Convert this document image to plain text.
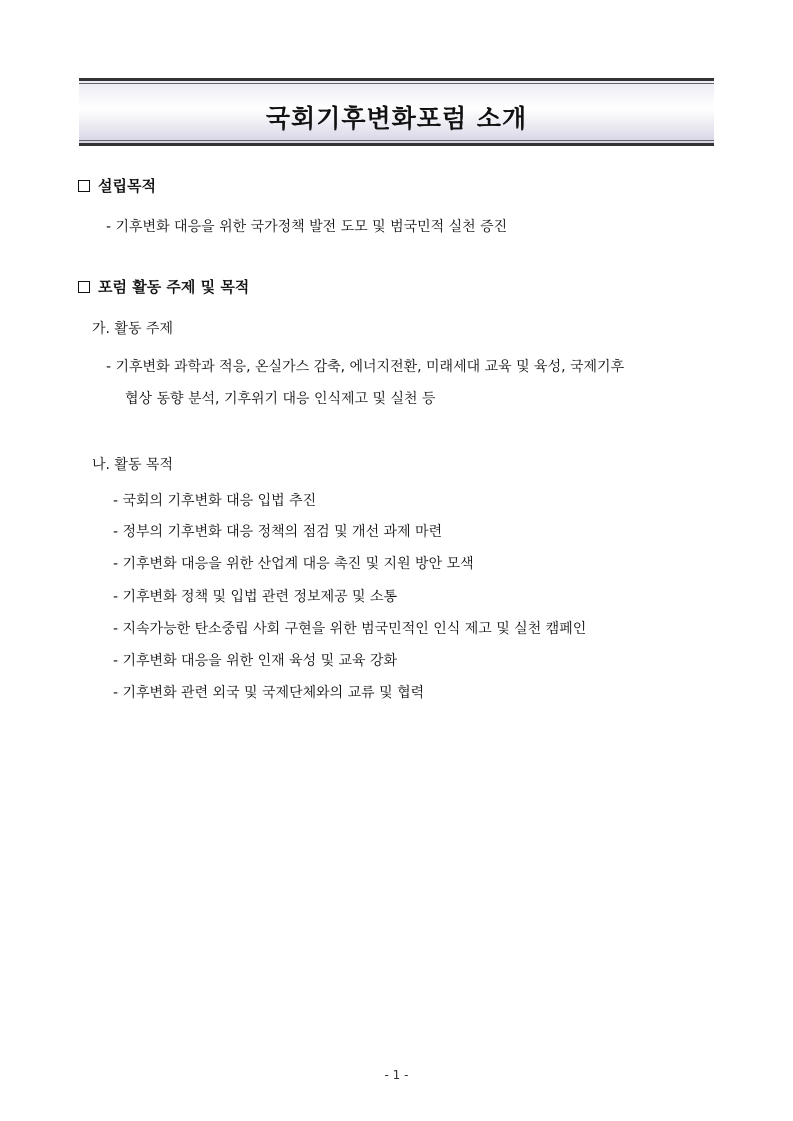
국회기후변화포럼 소개
설립목적
- 기후변화 대응을 위한 국가정책 발전 도모 및 범국민적 실천 증진
포럼 활동 주제 및 목적
가. 활동 주제
- 기후변화 과학과 적응, 온실가스 감축, 에너지전환, 미래세대 교육 및 육성, 국제기후
협상 동향 분석, 기후위기 대응 인식제고 및 실천 등
나. 활동 목적
- 국회의 기후변화 대응 입법 추진
- 정부의 기후변화 대응 정책의 점검 및 개선 과제 마련
- 기후변화 대응을 위한 산업계 대응 촉진 및 지원 방안 모색
- 기후변화 정책 및 입법 관련 정보제공 및 소통
- 지속가능한 탄소중립 사회 구현을 위한 범국민적인 인식 제고 및 실천 캠페인
- 기후변화 대응을 위한 인재 육성 및 교육 강화
- 기후변화 관련 외국 및 국제단체와의 교류 및 협력
- 1 -
